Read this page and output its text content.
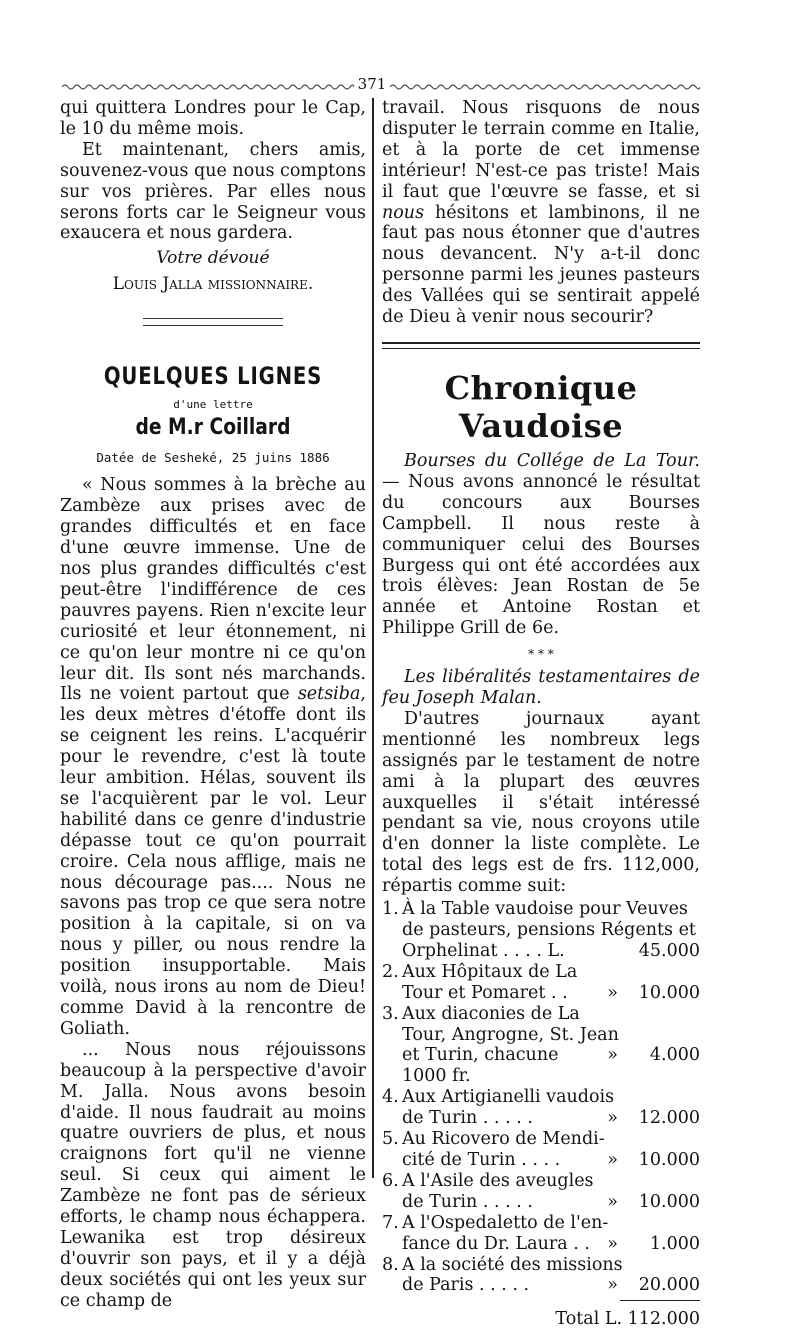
371

qui quittera Londres pour le Cap, le 10 du même mois.

Et maintenant, chers amis, souvenez-vous que nous comptons sur vos prières. Par elles nous serons forts car le Seigneur vous exaucera et nous gardera.

Votre dévoué
Louis Jalla missionnaire.
QUELQUES LIGNES
d'une lettre
de M.r Coillard
Datée de Sesheké, 25 juins 1886

« Nous sommes à la brèche au Zambèze aux prises avec de grandes difficultés et en face d'une œuvre immense. Une de nos plus grandes difficultés c'est peut-être l'indifférence de ces pauvres payens. Rien n'excite leur curiosité et leur étonnement, ni ce qu'on leur montre ni ce qu'on leur dit. Ils sont nés marchands. Ils ne voient partout que setsiba, les deux mètres d'étoffe dont ils se ceignent les reins. L'acquérir pour le revendre, c'est là toute leur ambition. Hélas, souvent ils se l'acquièrent par le vol. Leur habilité dans ce genre d'industrie dépasse tout ce qu'on pourrait croire. Cela nous afflige, mais ne nous décourage pas.... Nous ne savons pas trop ce que sera notre position à la capitale, si on va nous y piller, ou nous rendre la position insupportable. Mais voilà, nous irons au nom de Dieu! comme David à la rencontre de Goliath.

... Nous nous réjouissons beaucoup à la perspective d'avoir M. Jalla. Nous avons besoin d'aide. Il nous faudrait au moins quatre ouvriers de plus, et nous craignons fort qu'il ne vienne seul. Si ceux qui aiment le Zambèze ne font pas de sérieux efforts, le champ nous échappera. Lewanika est trop désireux d'ouvrir son pays, et il y a déjà deux sociétés qui ont les yeux sur ce champ de

travail. Nous risquons de nous disputer le terrain comme en Italie, et à la porte de cet immense intérieur! N'est-ce pas triste! Mais il faut que l'œuvre se fasse, et si nous hésitons et lambinons, il ne faut pas nous étonner que d'autres nous devancent. N'y a-t-il donc personne parmi les jeunes pasteurs des Vallées qui se sentirait appelé de Dieu à venir nous secourir?

Chronique Vaudoise

Bourses du Collége de La Tour. — Nous avons annoncé le résultat du concours aux Bourses Campbell. Il nous reste à communiquer celui des Bourses Burgess qui ont été accordées aux trois élèves: Jean Rostan de 5e année et Antoine Rostan et Philippe Grill de 6e.

* * *

Les libéralités testamentaires de feu Joseph Malan.

D'autres journaux ayant mentionné les nombreux legs assignés par le testament de notre ami à la plupart des œuvres auxquelles il s'était intéressé pendant sa vie, nous croyons utile d'en donner la liste complète. Le total des legs est de frs. 112,000, répartis comme suit:

1. À la Table vaudoise pour Veuves
de pasteurs, pensions Régents et
Orphelinat . . . . L.	45.000
2. Aux Hôpitaux de La
Tour et Pomaret . .	»	10.000
3. Aux diaconies de La
Tour, Angrogne, St. Jean
et Turin, chacune 1000 fr.
»	4.000
4. Aux Artigianelli vaudois
de Turin . . . . .	»	12.000
5. Au Ricovero de Mendi-
cité de Turin . . . .	»	10.000
6. A l'Asile des aveugles
de Turin . . . . .	»	10.000
7. A l'Ospedaletto de l'en-
fance du Dr. Laura . . »	1.000
8. A la société des missions
de Paris . . . . .	»	20.000
Total L. 112.000
